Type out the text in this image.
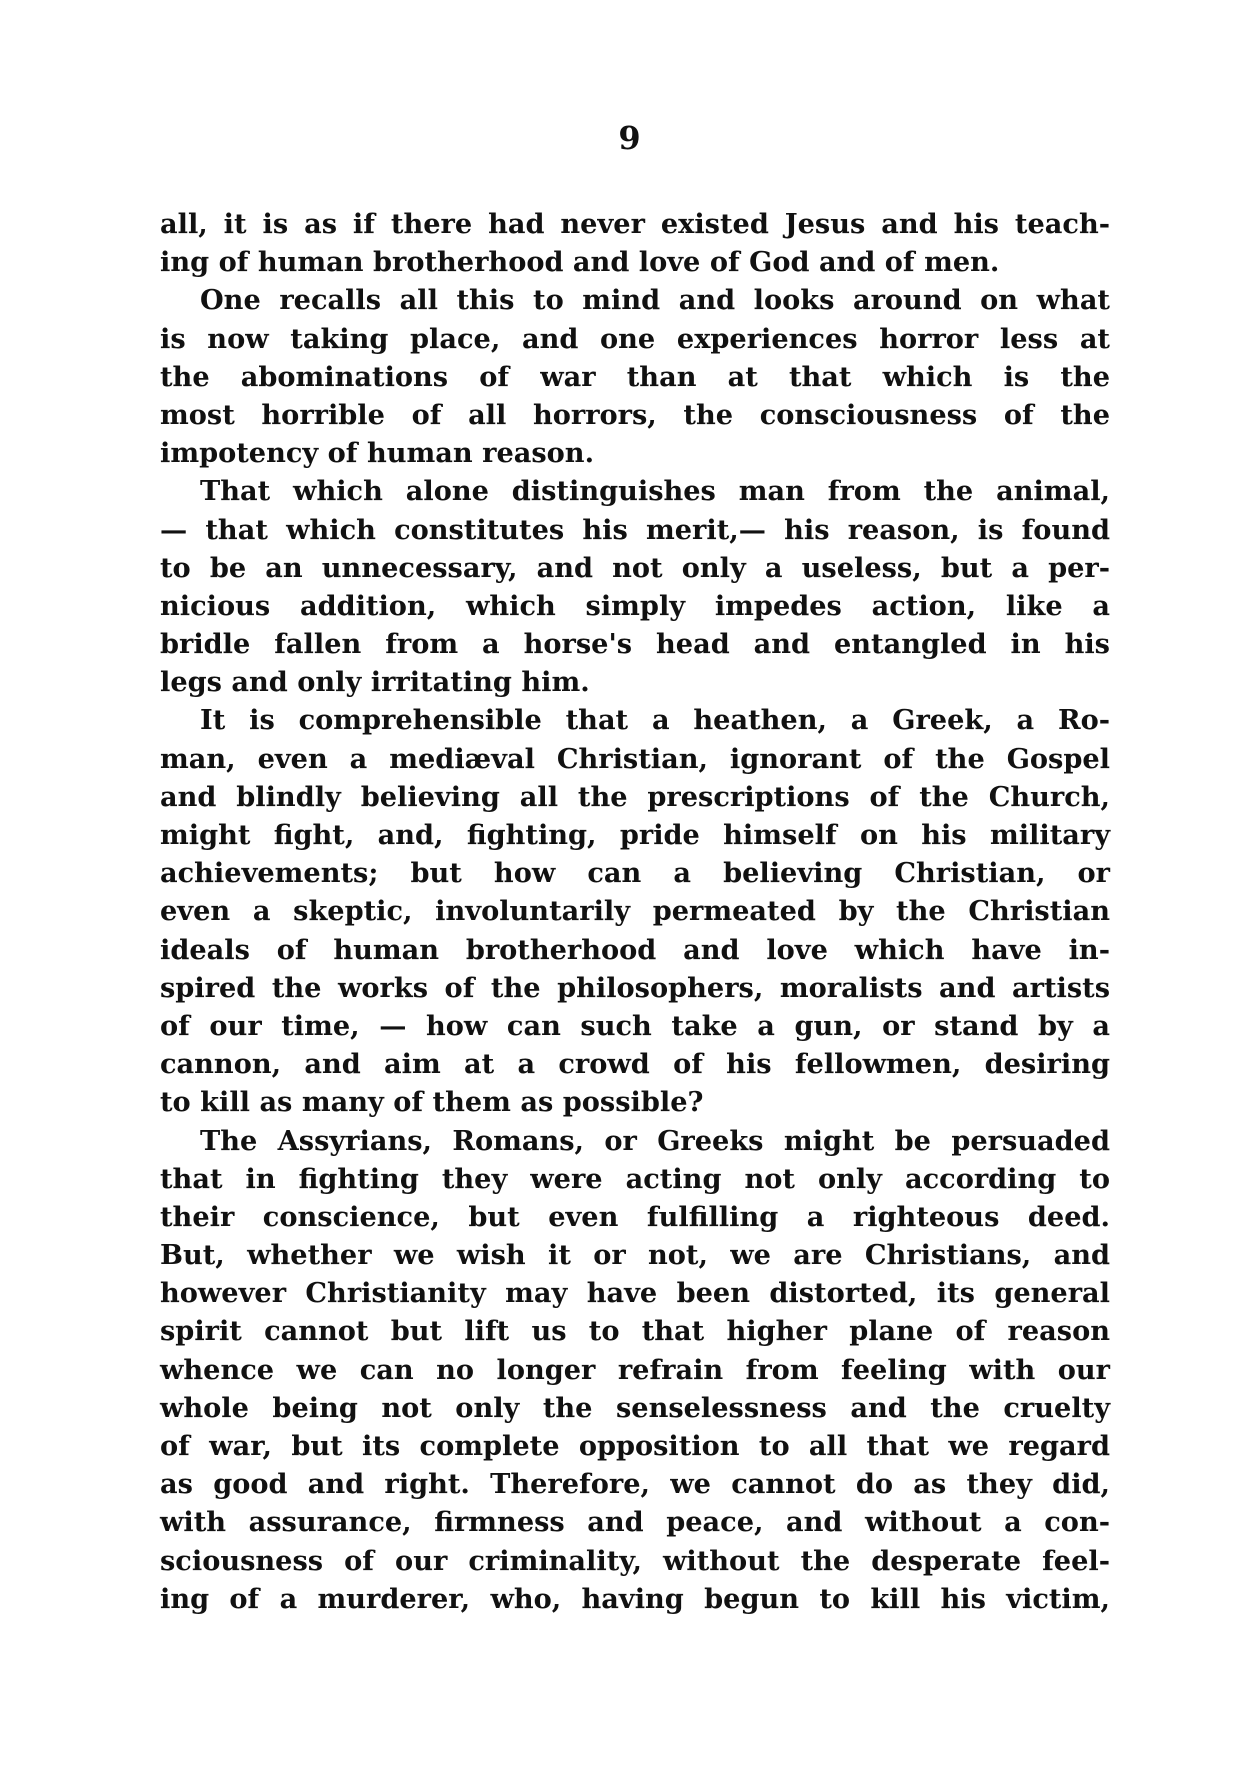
9
all, it is as if there had never existed Jesus and his teach-
ing of human brotherhood and love of God and of men.
One recalls all this to mind and looks around on what
is now taking place, and one experiences horror less at
the abominations of war than at that which is the
most horrible of all horrors, the consciousness of the
impotency of human reason.
That which alone distinguishes man from the animal,
— that which constitutes his merit,— his reason, is found
to be an unnecessary, and not only a useless, but a per-
nicious addition, which simply impedes action, like a
bridle fallen from a horse's head and entangled in his
legs and only irritating him.
It is comprehensible that a heathen, a Greek, a Ro-
man, even a mediæval Christian, ignorant of the Gospel
and blindly believing all the prescriptions of the Church,
might fight, and, fighting, pride himself on his military
achievements; but how can a believing Christian, or
even a skeptic, involuntarily permeated by the Christian
ideals of human brotherhood and love which have in-
spired the works of the philosophers, moralists and artists
of our time, — how can such take a gun, or stand by a
cannon, and aim at a crowd of his fellowmen, desiring
to kill as many of them as possible?
The Assyrians, Romans, or Greeks might be persuaded
that in fighting they were acting not only according to
their conscience, but even fulfilling a righteous deed.
But, whether we wish it or not, we are Christians, and
however Christianity may have been distorted, its general
spirit cannot but lift us to that higher plane of reason
whence we can no longer refrain from feeling with our
whole being not only the senselessness and the cruelty
of war, but its complete opposition to all that we regard
as good and right. Therefore, we cannot do as they did,
with assurance, firmness and peace, and without a con-
sciousness of our criminality, without the desperate feel-
ing of a murderer, who, having begun to kill his victim,
